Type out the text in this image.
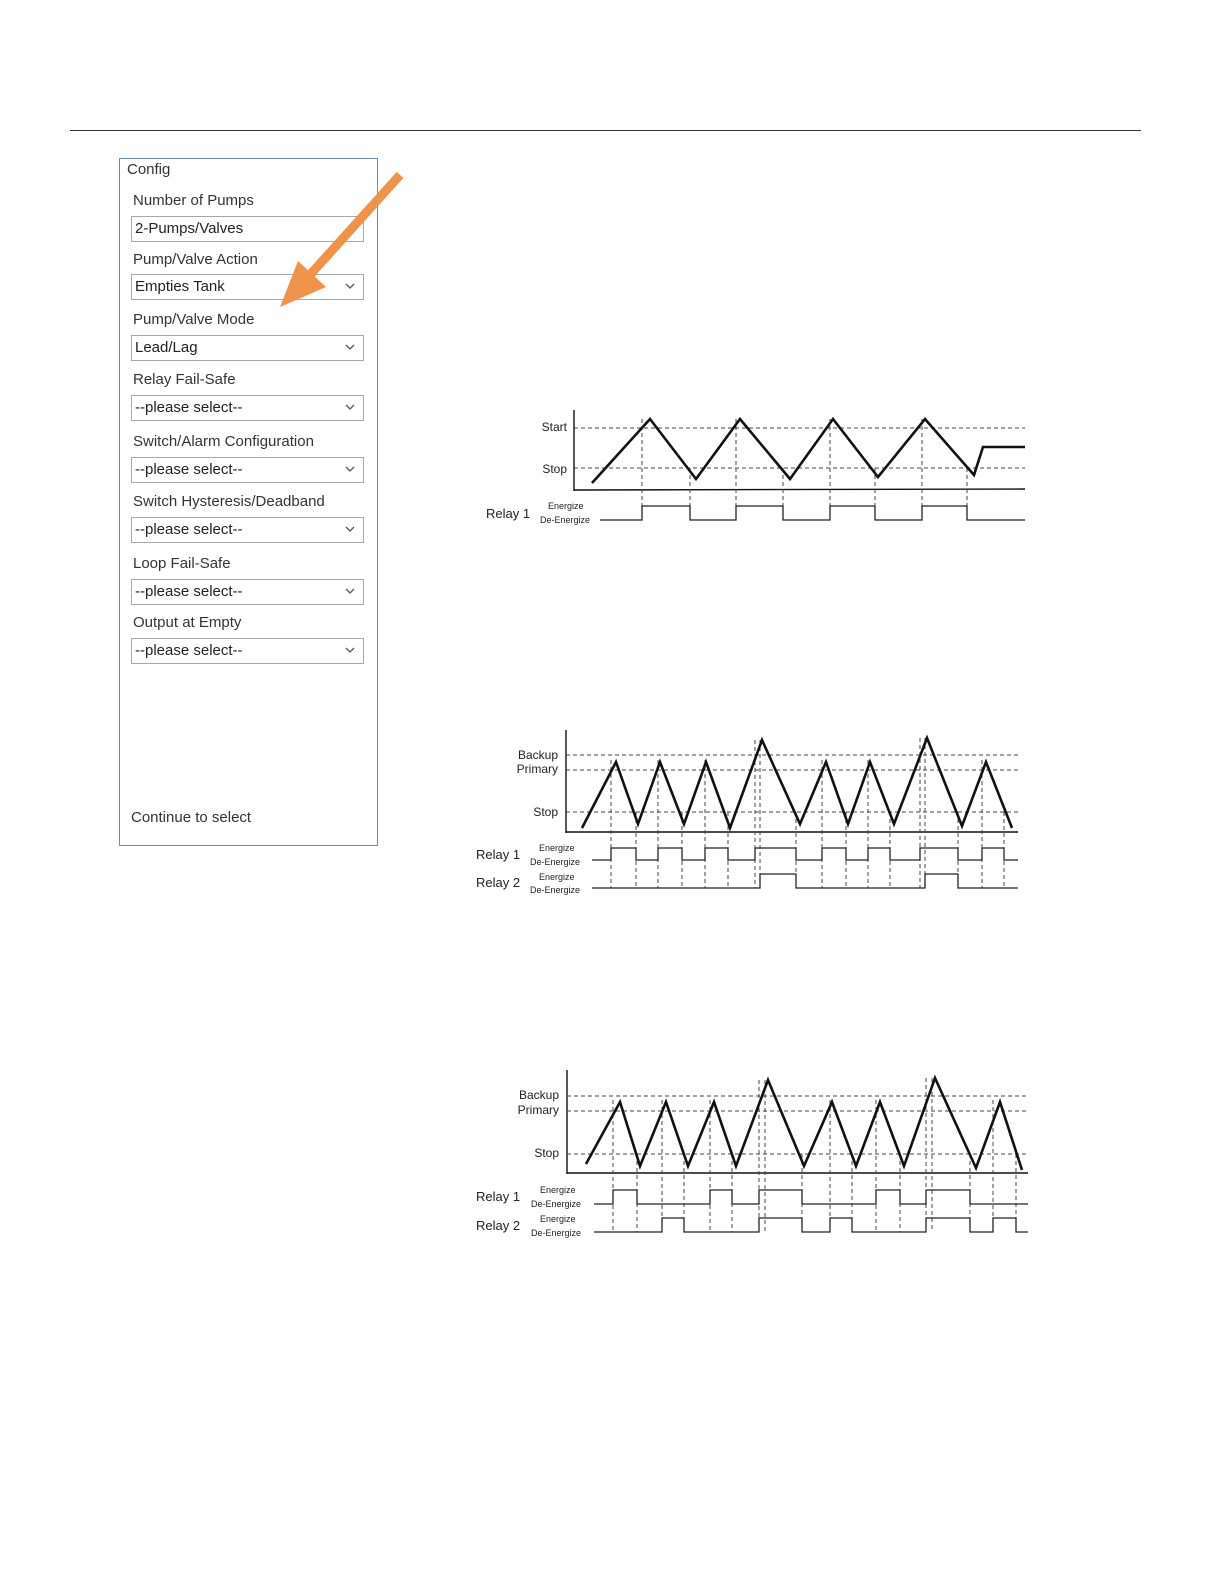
Config
Number of Pumps
2-Pumps/Valves
Pump/Valve Action
Empties Tank
Pump/Valve Mode
Lead/Lag
Relay Fail-Safe
--please select--
Switch/Alarm Configuration
--please select--
Switch Hysteresis/Deadband
--please select--
Loop Fail-Safe
--please select--
Output at Empty
--please select--
Continue to select
Start
Stop
Relay 1 Energize
De-Energize
Backup
Primary
Stop
Relay 1 Energize
De-Energize
Relay 2 Energize
De-Energize
Backup
Primary
Stop
Relay 1 Energize
De-Energize
Relay 2 Energize
De-Energize
